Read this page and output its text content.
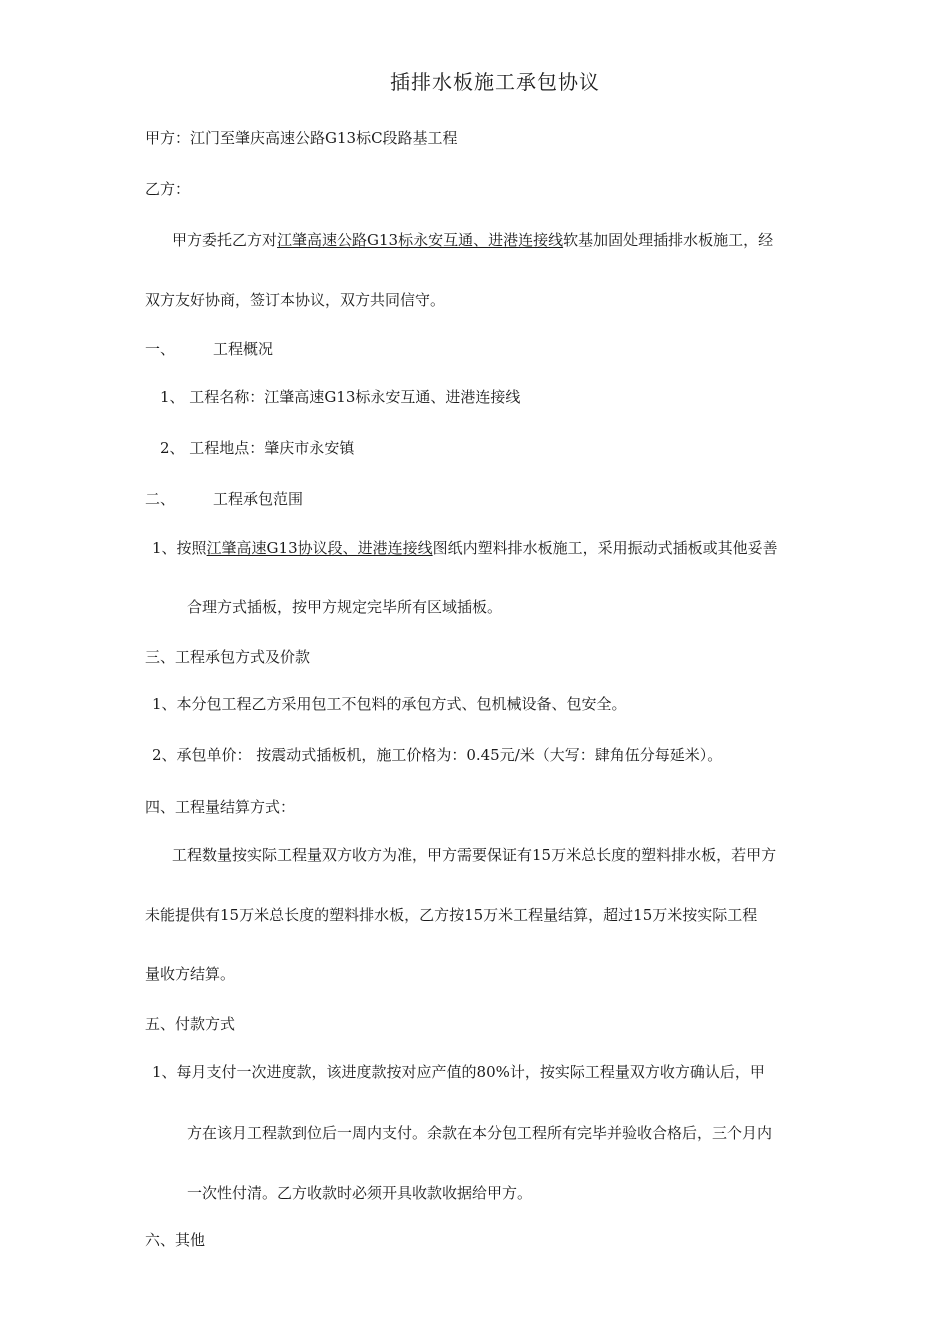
插排水板施工承包协议
甲方：江门至肇庆高速公路G13标C段路基工程
乙方：
甲方委托乙方对江肇高速公路G13标永安互通、进港连接线软基加固处理插排水板施工，经
双方友好协商，签订本协议，双方共同信守。
一、	工程概况
1、 工程名称：江肇高速G13标永安互通、进港连接线
2、 工程地点：肇庆市永安镇
二、	工程承包范围
1、按照江肇高速G13协议段、进港连接线图纸内塑料排水板施工，采用振动式插板或其他妥善
合理方式插板，按甲方规定完毕所有区域插板。
三、工程承包方式及价款
1、本分包工程乙方采用包工不包料的承包方式、包机械设备、包安全。
2、承包单价： 按震动式插板机，施工价格为：0.45元/米（大写：肆角伍分每延米）。
四、工程量结算方式：
工程数量按实际工程量双方收方为准，甲方需要保证有15万米总长度的塑料排水板，若甲方
未能提供有15万米总长度的塑料排水板，乙方按15万米工程量结算，超过15万米按实际工程
量收方结算。
五、付款方式
1、每月支付一次进度款，该进度款按对应产值的80%计，按实际工程量双方收方确认后，甲
方在该月工程款到位后一周内支付。余款在本分包工程所有完毕并验收合格后，三个月内
一次性付清。乙方收款时必须开具收款收据给甲方。
六、其他
